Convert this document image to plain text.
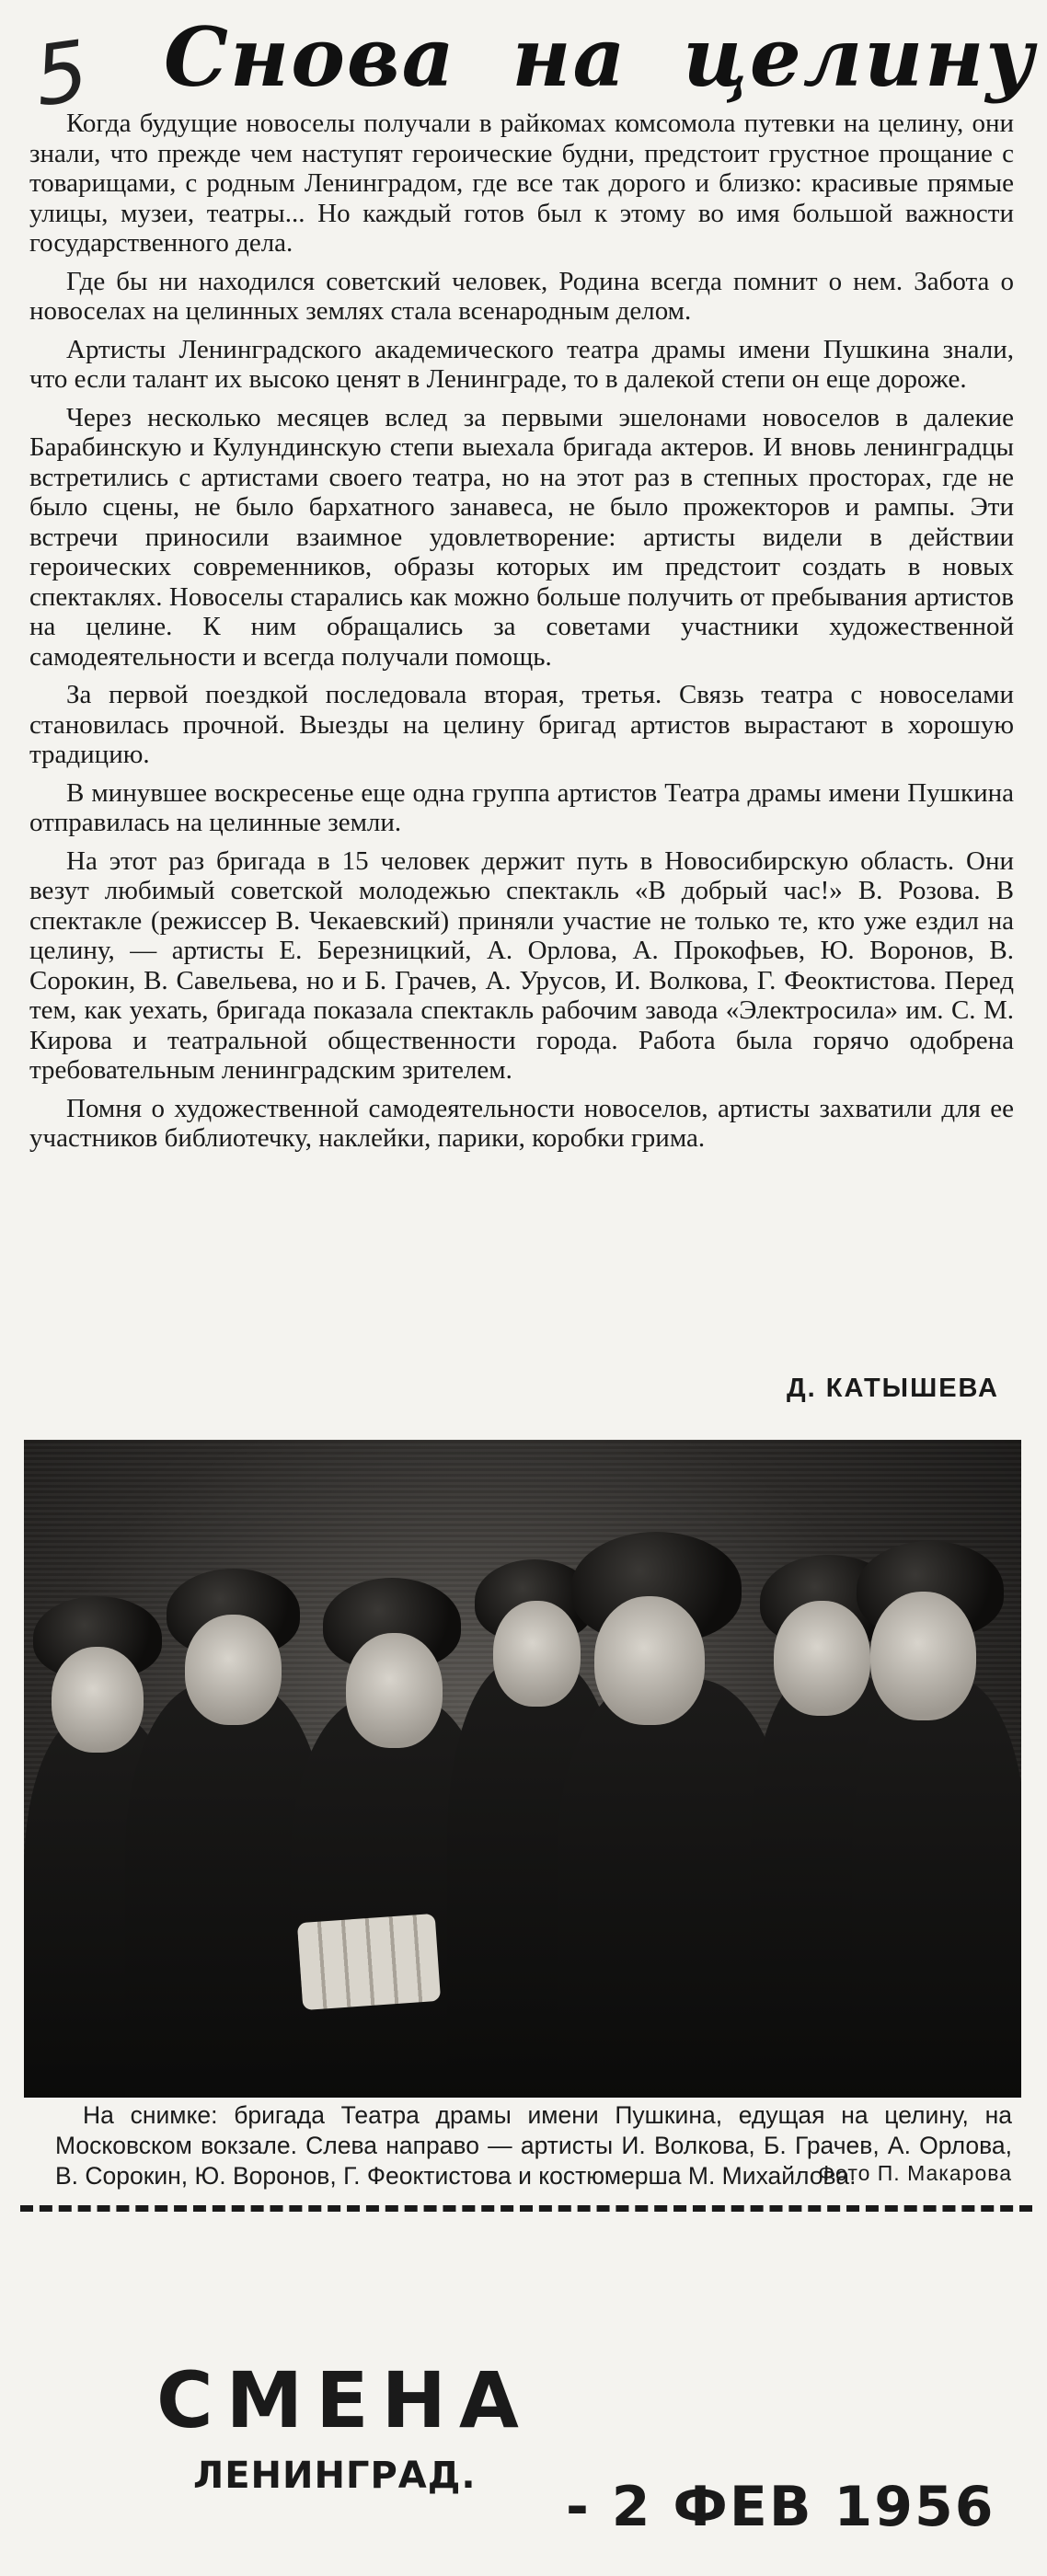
5 Снова на целину

Когда будущие новоселы получали в райкомах комсомола путевки на целину, они знали, что прежде чем наступят героические будни, предстоит грустное прощание с товарищами, с родным Ленинградом, где все так дорого и близко: красивые прямые улицы, музеи, театры... Но каждый готов был к этому во имя большой важности государственного дела.

Где бы ни находился советский человек, Родина всегда помнит о нем. Забота о новоселах на целинных землях стала всенародным делом.

Артисты Ленинградского академического театра драмы имени Пушкина знали, что если талант их высоко ценят в Ленинграде, то в далекой степи он еще дороже.

Через несколько месяцев вслед за первыми эшелонами новоселов в далекие Барабинскую и Кулундинскую степи выехала бригада актеров. И вновь ленинградцы встретились с артистами своего театра, но на этот раз в степных просторах, где не было сцены, не было бархатного занавеса, не было прожекторов и рампы. Эти встречи приносили взаимное удовлетворение: артисты видели в действии героических современников, образы которых им предстоит создать в новых спектаклях. Новоселы старались как можно больше получить от пребывания артистов на целине. К ним обращались за советами участники художественной самодеятельности и всегда получали помощь.

За первой поездкой последовала вторая, третья. Связь театра с новоселами становилась прочной. Выезды на целину бригад артистов вырастают в хорошую традицию.

В минувшее воскресенье еще одна группа артистов Театра драмы имени Пушкина отправилась на целинные земли.

На этот раз бригада в 15 человек держит путь в Новосибирскую область. Они везут любимый советской молодежью спектакль «В добрый час!» В. Розова. В спектакле (режиссер В. Чекаевский) приняли участие не только те, кто уже ездил на целину, — артисты Е. Березницкий, А. Орлова, А. Прокофьев, Ю. Воронов, В. Сорокин, В. Савельева, но и Б. Грачев, А. Урусов, И. Волкова, Г. Феоктистова. Перед тем, как уехать, бригада показала спектакль рабочим завода «Электросила» им. С. М. Кирова и театральной общественности города. Работа была горячо одобрена требовательным ленинградским зрителем.

Помня о художественной самодеятельности новоселов, артисты захватили для ее участников библиотечку, наклейки, парики, коробки грима.

Д. КАТЫШЕВА
На снимке: бригада Театра драмы имени Пушкина, едущая на целину, на Московском вокзале. Слева направо — артисты И. Волкова, Б. Грачев, А. Орлова, В. Сорокин, Ю. Воронов, Г. Феоктистова и костюмерша М. Михайлова.
Фото П. Макарова
СМЕНА
ЛЕНИНГРАД. - 2 ФЕВ 1956
